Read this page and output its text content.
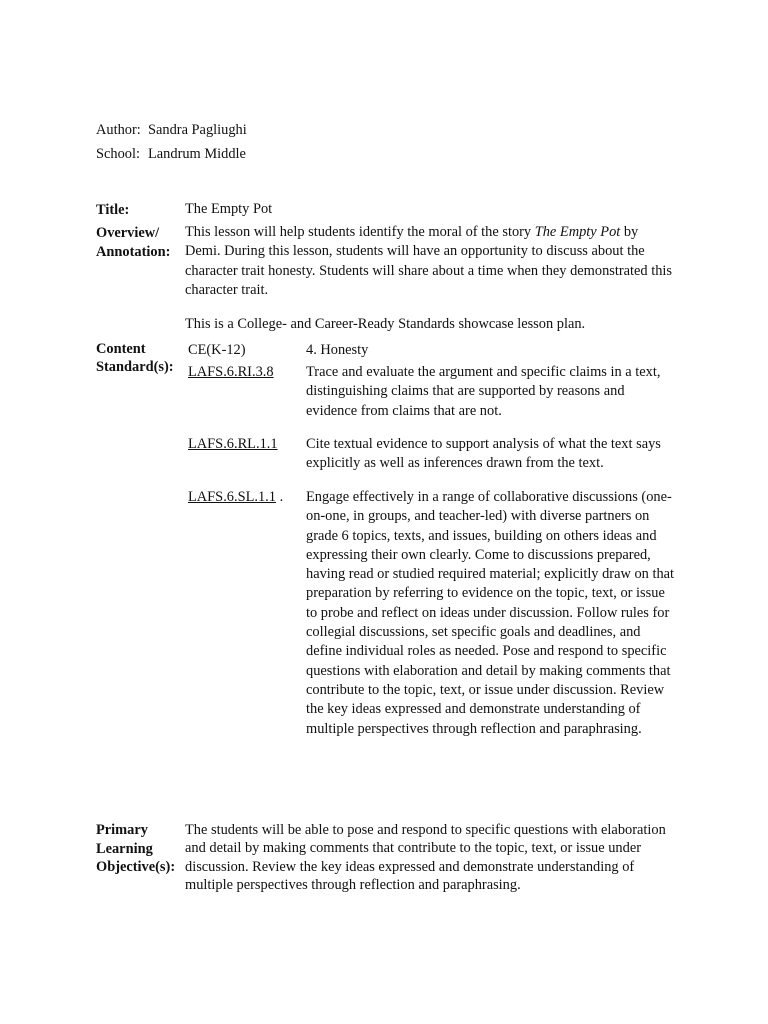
Author: Sandra Pagliughi
School: Landrum Middle
Title:	The Empty Pot
Overview/
Annotation:
This lesson will help students identify the moral of the story The Empty Pot by Demi. During this lesson, students will have an opportunity to discuss about the character trait honesty. Students will share about a time when they demonstrated this character trait.
This is a College- and Career-Ready Standards showcase lesson plan.
Content
Standard(s):
CE(K-12)	4. Honesty
LAFS.6.RI.3.8 Trace and evaluate the argument and specific claims in a text, distinguishing claims that are supported by reasons and evidence from claims that are not.
LAFS.6.RL.1.1 Cite textual evidence to support analysis of what the text says explicitly as well as inferences drawn from the text.
LAFS.6.SL.1.1 . Engage effectively in a range of collaborative discussions (one-on-one, in groups, and teacher-led) with diverse partners on grade 6 topics, texts, and issues, building on others ideas and expressing their own clearly. Come to discussions prepared, having read or studied required material; explicitly draw on that preparation by referring to evidence on the topic, text, or issue to probe and reflect on ideas under discussion. Follow rules for collegial discussions, set specific goals and deadlines, and define individual roles as needed. Pose and respond to specific questions with elaboration and detail by making comments that contribute to the topic, text, or issue under discussion. Review the key ideas expressed and demonstrate understanding of multiple perspectives through reflection and paraphrasing.
Primary
Learning
Objective(s):
The students will be able to pose and respond to specific questions with elaboration and detail by making comments that contribute to the topic, text, or issue under discussion. Review the key ideas expressed and demonstrate understanding of multiple perspectives through reflection and paraphrasing.
